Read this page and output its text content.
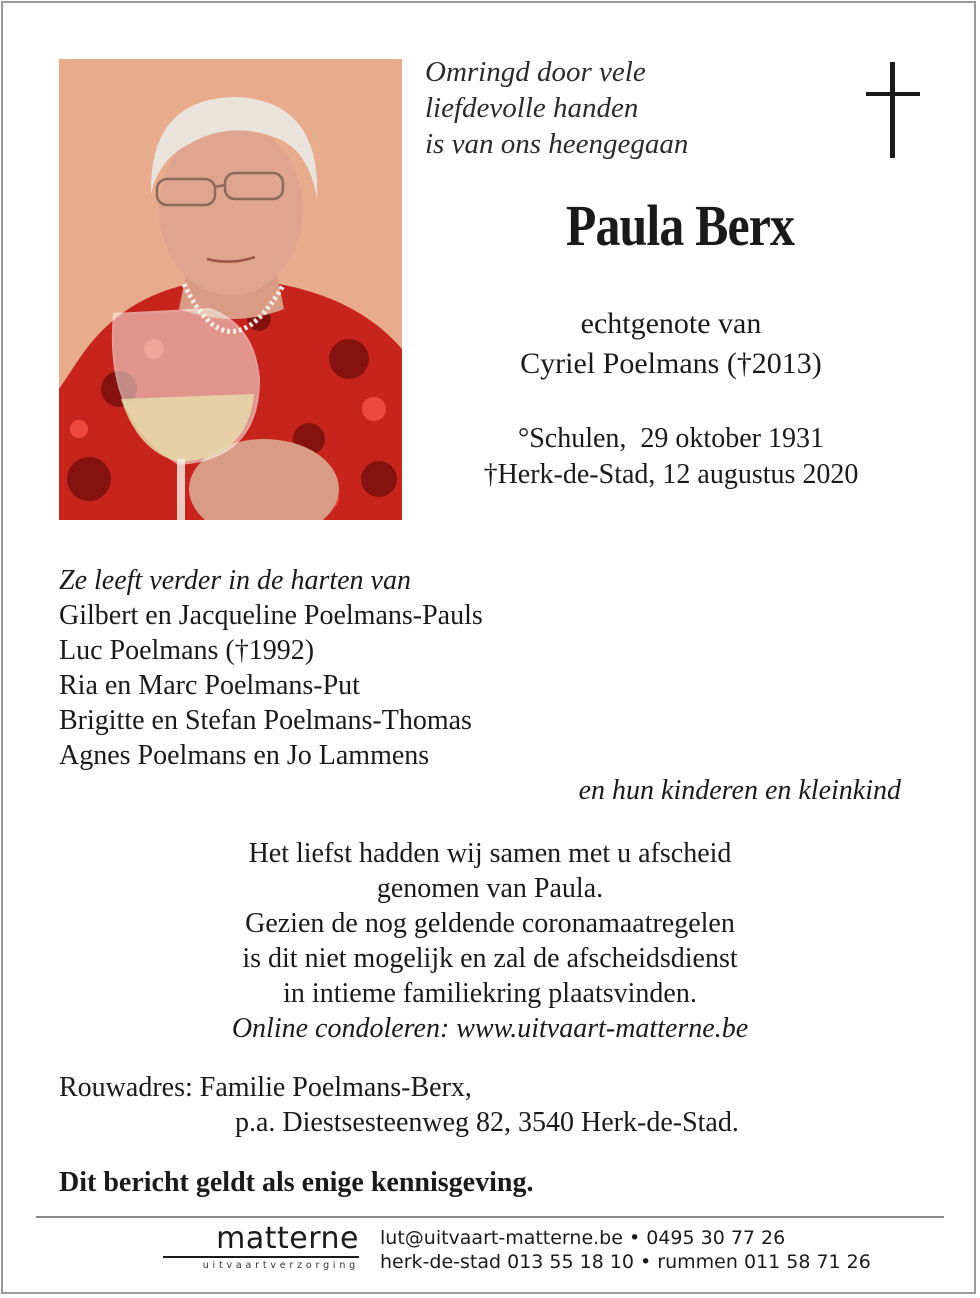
Omringd door vele
liefdevolle handen
is van ons heengegaan
Paula Berx
echtgenote van
Cyriel Poelmans (†2013)
°Schulen,  29 oktober 1931
†Herk-de-Stad, 12 augustus 2020
Ze leeft verder in de harten van
Gilbert en Jacqueline Poelmans-Pauls
Luc Poelmans (†1992)
Ria en Marc Poelmans-Put
Brigitte en Stefan Poelmans-Thomas
Agnes Poelmans en Jo Lammens
en hun kinderen en kleinkind
Het liefst hadden wij samen met u afscheid
genomen van Paula.
Gezien de nog geldende coronamaatregelen
is dit niet mogelijk en zal de afscheidsdienst
in intieme familiekring plaatsvinden.
Online condoleren: www.uitvaart-matterne.be
Rouwadres: Familie Poelmans-Berx,
p.a. Diestsesteenweg 82, 3540 Herk-de-Stad.
Dit bericht geldt als enige kennisgeving.
matterne
uitvaartverzorging
lut@uitvaart-matterne.be • 0495 30 77 26
herk-de-stad 013 55 18 10 • rummen 011 58 71 26
